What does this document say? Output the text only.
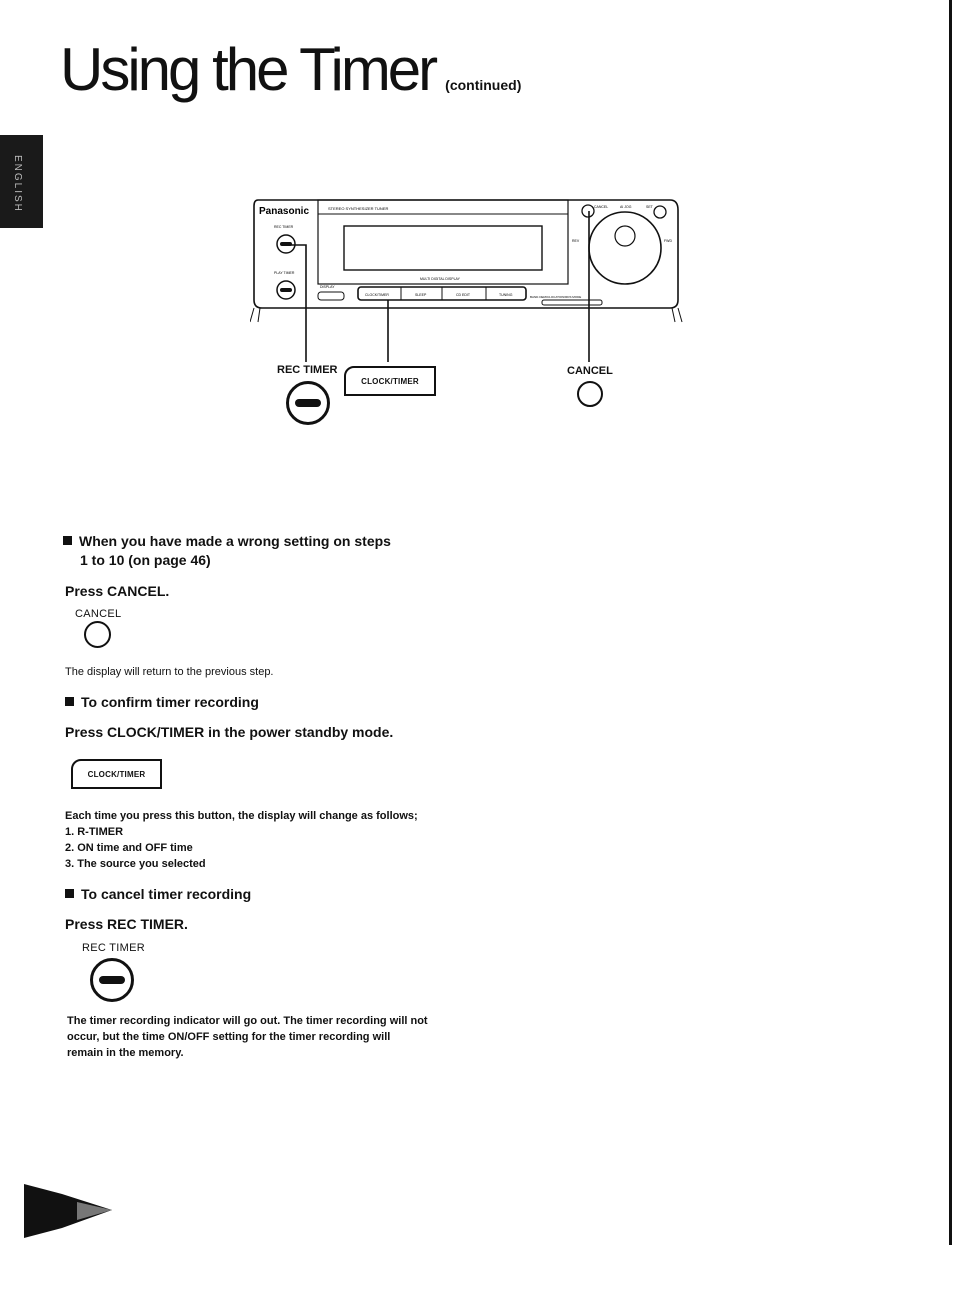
Using the Timer (continued)
ENGLISH	Panasonic	STEREO SYNTHESIZER TUNER
MULTI DIGITAL DISPLAY
REC TIMER
PLAY TIMER
DISPLAY
CLOCK/TIMER	SLEEP	CD EDIT	TUNING	BAND·DEMO/LOCATION/RDS MODE
CANCEL	AI JOG	SET
REV	FWD
REC TIMER
CLOCK/TIMER
CANCEL
When you have made a wrong setting on steps
1 to 10 (on page 46)
Press CANCEL.
CANCEL
The display will return to the previous step.
To confirm timer recording
Press CLOCK/TIMER in the power standby mode.
CLOCK/TIMER
Each time you press this button, the display will change as follows;
1. R-TIMER
2. ON time and OFF time
3. The source you selected
To cancel timer recording
Press REC TIMER.
REC TIMER
The timer recording indicator will go out. The timer recording will not
occur, but the time ON/OFF setting for the timer recording will
remain in the memory.
